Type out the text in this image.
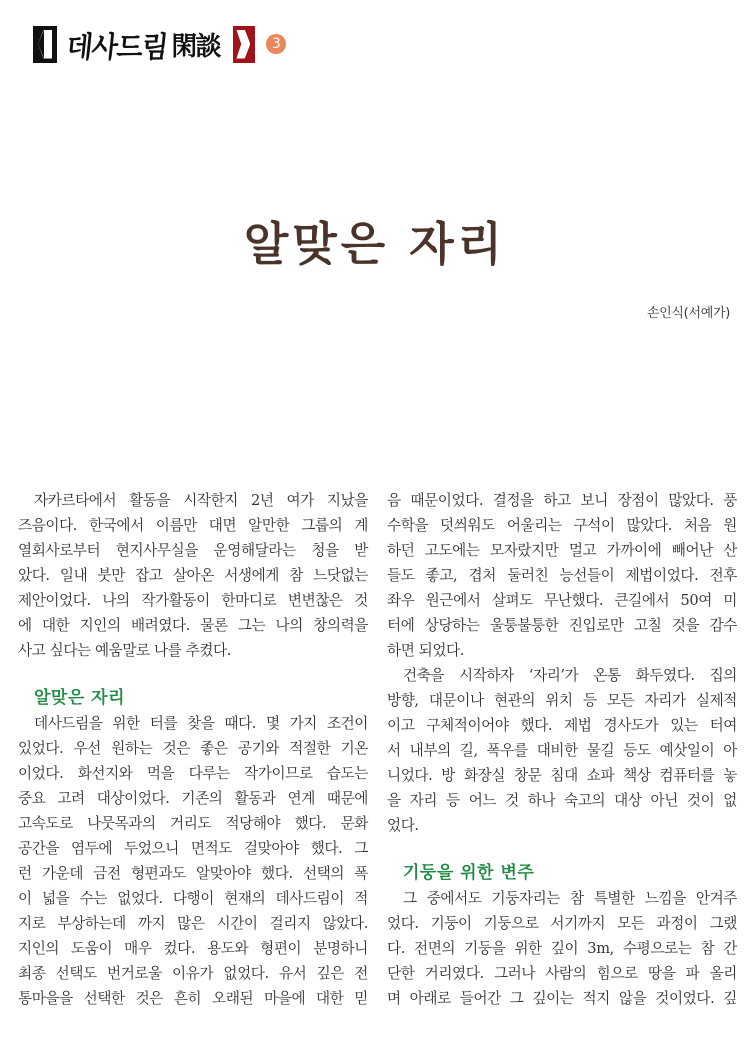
데사드림 閑談	3
알맞은 자리
손인식(서예가)
자카르타에서 활동을 시작한지 2년 여가 지났을
즈음이다. 한국에서 이름만 대면 알만한 그룹의 계
열회사로부터 현지사무실을 운영해달라는 청을 받
았다. 일내 붓만 잡고 살아온 서생에게 참 느닷없는
제안이었다. 나의 작가활동이 한마디로 변변찮은 것
에 대한 지인의 배려였다. 물론 그는 나의 창의력을
사고 싶다는 예움말로 나를 추켰다.
알맞은 자리
데사드림을 위한 터를 찾을 때다. 몇 가지 조건이
있었다. 우선 원하는 것은 좋은 공기와 적절한 기온
이었다. 화선지와 먹을 다루는 작가이므로 습도는
중요 고려 대상이었다. 기존의 활동과 연계 때문에
고속도로 나뭇목과의 거리도 적당해야 했다. 문화
공간을 염두에 두었으니 면적도 걸맞아야 했다. 그
런 가운데 금전 형편과도 알맞아야 했다. 선택의 폭
이 넓을 수는 없었다. 다행이 현재의 데사드림이 적
지로 부상하는데 까지 많은 시간이 걸리지 않았다.
지인의 도움이 매우 컸다. 용도와 형편이 분명하니
최종 선택도 번거로울 이유가 없었다. 유서 깊은 전
통마을을 선택한 것은 흔히 오래된 마을에 대한 믿
음 때문이었다. 결정을 하고 보니 장점이 많았다. 풍
수학을 덧씌워도 어울리는 구석이 많았다. 처음 원
하던 고도에는 모자랐지만 멀고 가까이에 빼어난 산
들도 좋고, 겹처 둘러친 능선들이 제법이었다. 전후
좌우 원근에서 살펴도 무난했다. 큰길에서 50여 미
터에 상당하는 울퉁불퉁한 진입로만 고칠 것을 감수
하면 되었다.
건축을 시작하자 ‘자리’가 온통 화두였다. 집의
방향, 대문이나 현관의 위치 등 모든 자리가 실제적
이고 구체적이어야 했다. 제법 경사도가 있는 터여
서 내부의 길, 폭우를 대비한 물길 등도 예삿일이 아
니었다. 방 화장실 창문 침대 쇼파 책상 컴퓨터를 놓
을 자리 등 어느 것 하나 숙고의 대상 아닌 것이 없
었다.
기둥을 위한 변주
그 중에서도 기둥자리는 참 특별한 느낌을 안겨주
었다. 기둥이 기둥으로 서기까지 모든 과정이 그랬
다. 전면의 기둥을 위한 깊이 3m, 수평으로는 참 간
단한 거리였다. 그러나 사람의 힘으로 땅을 파 올리
며 아래로 들어간 그 깊이는 적지 않을 것이었다. 깊
